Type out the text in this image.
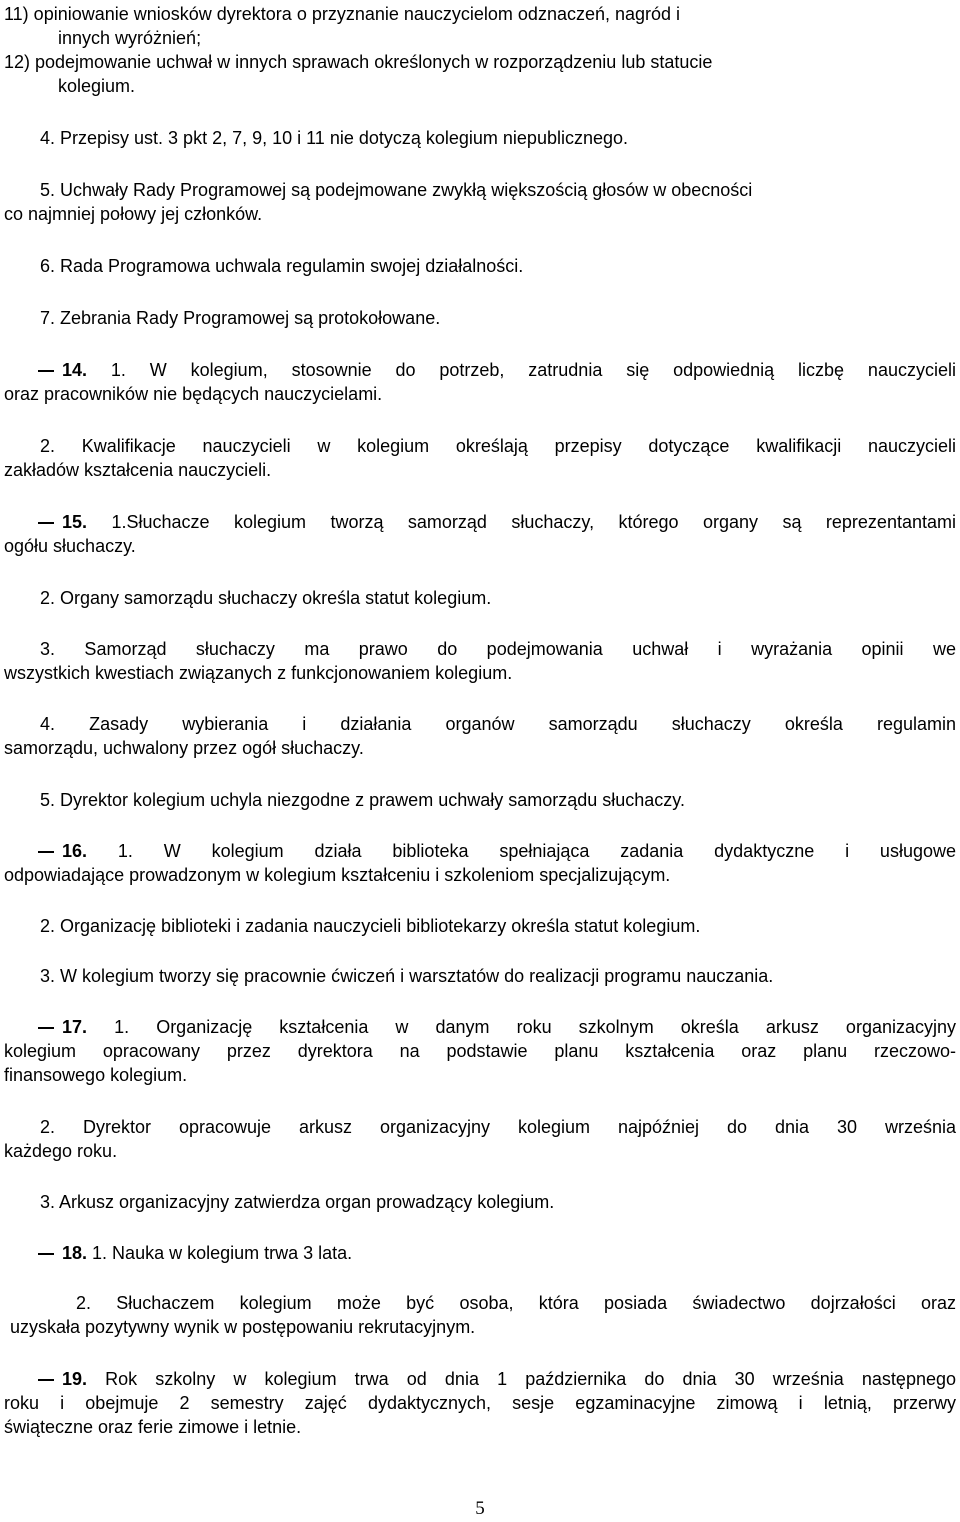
11) opiniowanie wniosków dyrektora o przyznanie nauczycielom odznaczeń, nagród i
innych wyróżnień;
12) podejmowanie uchwał w innych sprawach określonych w rozporządzeniu lub statucie
kolegium.
4. Przepisy ust. 3 pkt 2, 7, 9, 10 i 11 nie dotyczą kolegium niepublicznego.
5. Uchwały Rady Programowej są podejmowane zwykłą większością głosów w obecności
co najmniej połowy jej członków.
6. Rada Programowa uchwala regulamin swojej działalności.
7. Zebrania Rady Programowej są protokołowane.
14. 1. W kolegium, stosownie do potrzeb, zatrudnia się odpowiednią liczbę nauczycieli
oraz pracowników nie będących nauczycielami.
2. Kwalifikacje nauczycieli w kolegium określają przepisy dotyczące kwalifikacji nauczycieli
zakładów kształcenia nauczycieli.
15. 1.Słuchacze kolegium tworzą samorząd słuchaczy, którego organy są reprezentantami
ogółu słuchaczy.
2. Organy samorządu słuchaczy określa statut kolegium.
3. Samorząd słuchaczy ma prawo do podejmowania uchwał i wyrażania opinii we
wszystkich kwestiach związanych z funkcjonowaniem kolegium.
4. Zasady wybierania i działania organów samorządu słuchaczy określa regulamin
samorządu, uchwalony przez ogół słuchaczy.
5. Dyrektor kolegium uchyla niezgodne z prawem uchwały samorządu słuchaczy.
16. 1. W kolegium działa biblioteka spełniająca zadania dydaktyczne i usługowe
odpowiadające prowadzonym w kolegium kształceniu i szkoleniom specjalizującym.
2. Organizację biblioteki i zadania nauczycieli bibliotekarzy określa statut kolegium.
3. W kolegium tworzy się pracownie ćwiczeń i warsztatów do realizacji programu nauczania.
17. 1. Organizację kształcenia w danym roku szkolnym określa arkusz organizacyjny
kolegium opracowany przez dyrektora na podstawie planu kształcenia oraz planu rzeczowo-
finansowego kolegium.
2. Dyrektor opracowuje arkusz organizacyjny kolegium najpóźniej do dnia 30 września
każdego roku.
3. Arkusz organizacyjny zatwierdza organ prowadzący kolegium.
18. 1. Nauka w kolegium trwa 3 lata.
2. Słuchaczem kolegium może być osoba, która posiada świadectwo dojrzałości oraz
uzyskała pozytywny wynik w postępowaniu rekrutacyjnym.
19. Rok szkolny w kolegium trwa od dnia 1 października do dnia 30 września następnego
roku i obejmuje 2 semestry zajęć dydaktycznych, sesje egzaminacyjne zimową i letnią, przerwy
świąteczne oraz ferie zimowe i letnie.
5
